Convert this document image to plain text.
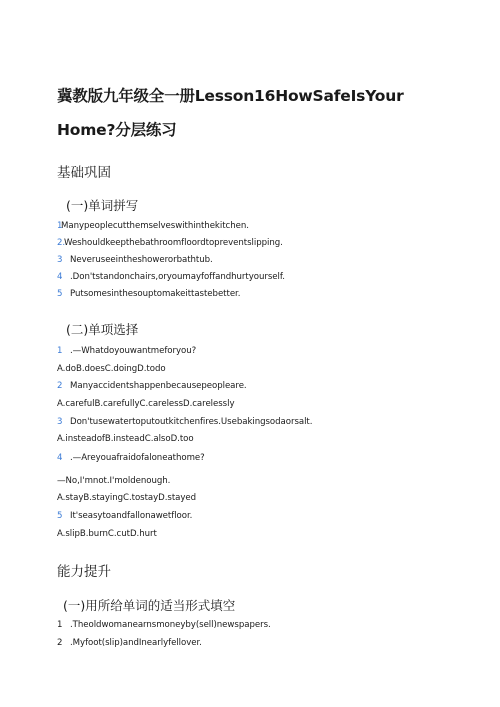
冀教版九年级全一册Lesson16HowSafeIsYour
Home?分层练习
基础巩固
(一)单词拼写
1Manypeoplecutthemselveswithinthekitchen.
2.Weshouldkeepthebathroomfloordtopreventslipping.
3 Neveruseeintheshowerorbathtub.
4 .Don'tstandonchairs,oryoumayfoffandhurtyourself.
5 Putsomesinthesouptomakeittastebetter.
(二)单项选择
1 .—Whatdoyouwantmeforyou?
A.doB.doesC.doingD.todo
2 Manyaccidentshappenbecausepeopleare.
A.carefulB.carefullyC.carelessD.carelessly
3 Don'tusewatertoputoutkitchenfires.Usebakingsodaorsalt.
A.insteadofB.insteadC.alsoD.too
4 .—Areyouafraidofaloneathome?
—No,I'mnot.I'moldenough.
A.stayB.stayingC.tostayD.stayed
5 It'seasytoandfallonawetfloor.
A.slipB.burnC.cutD.hurt
能力提升
(一)用所给单词的适当形式填空
1 .Theoldwomanearnsmoneyby(sell)newspapers.
2 .Myfoot(slip)andInearlyfellover.
